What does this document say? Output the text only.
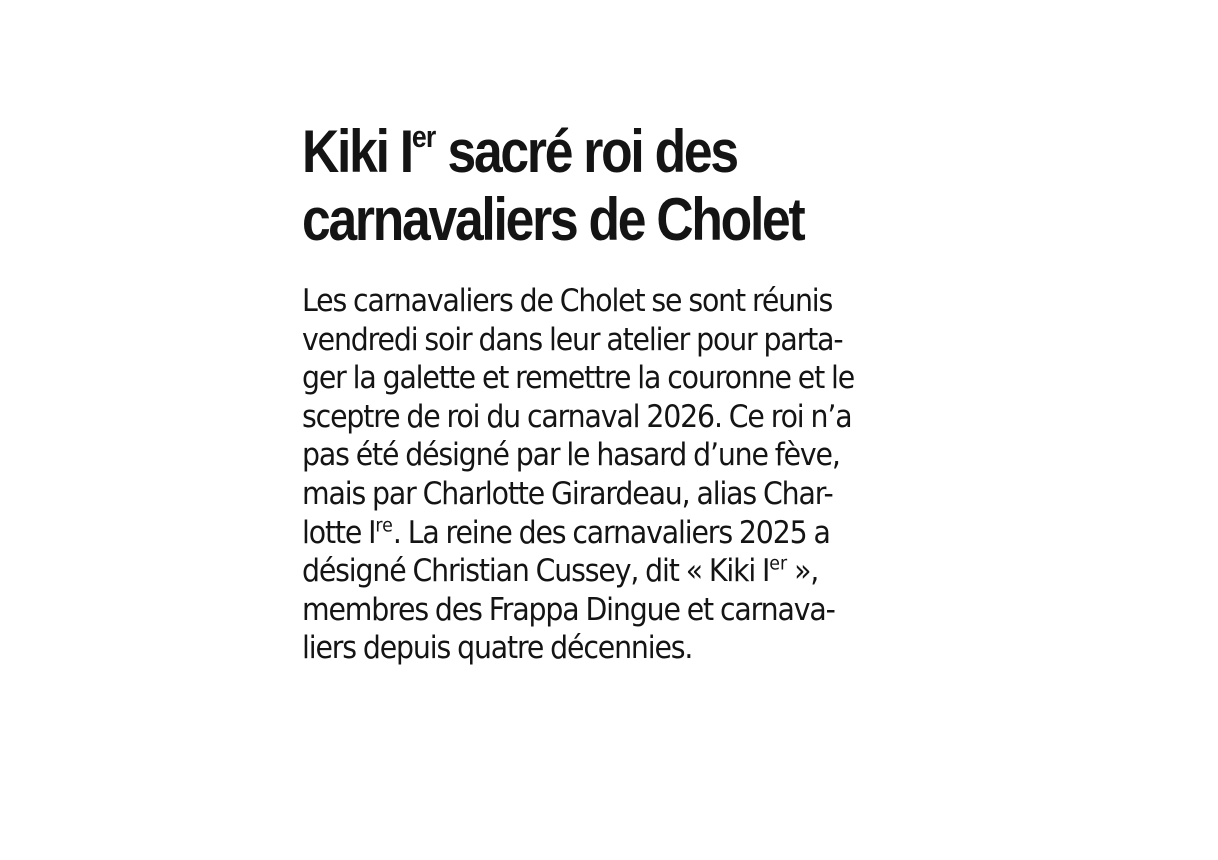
Kiki Ier sacré roi des
carnavaliers de Cholet
Les carnavaliers de Cholet se sont réunis
vendredi soir dans leur atelier pour parta-
ger la galette et remettre la couronne et le
sceptre de roi du carnaval 2026. Ce roi n’a
pas été désigné par le hasard d’une fève,
mais par Charlotte Girardeau, alias Char-
lotte Ire. La reine des carnavaliers 2025 a
désigné Christian Cussey, dit « Kiki Ier »,
membres des Frappa Dingue et carnava-
liers depuis quatre décennies.
